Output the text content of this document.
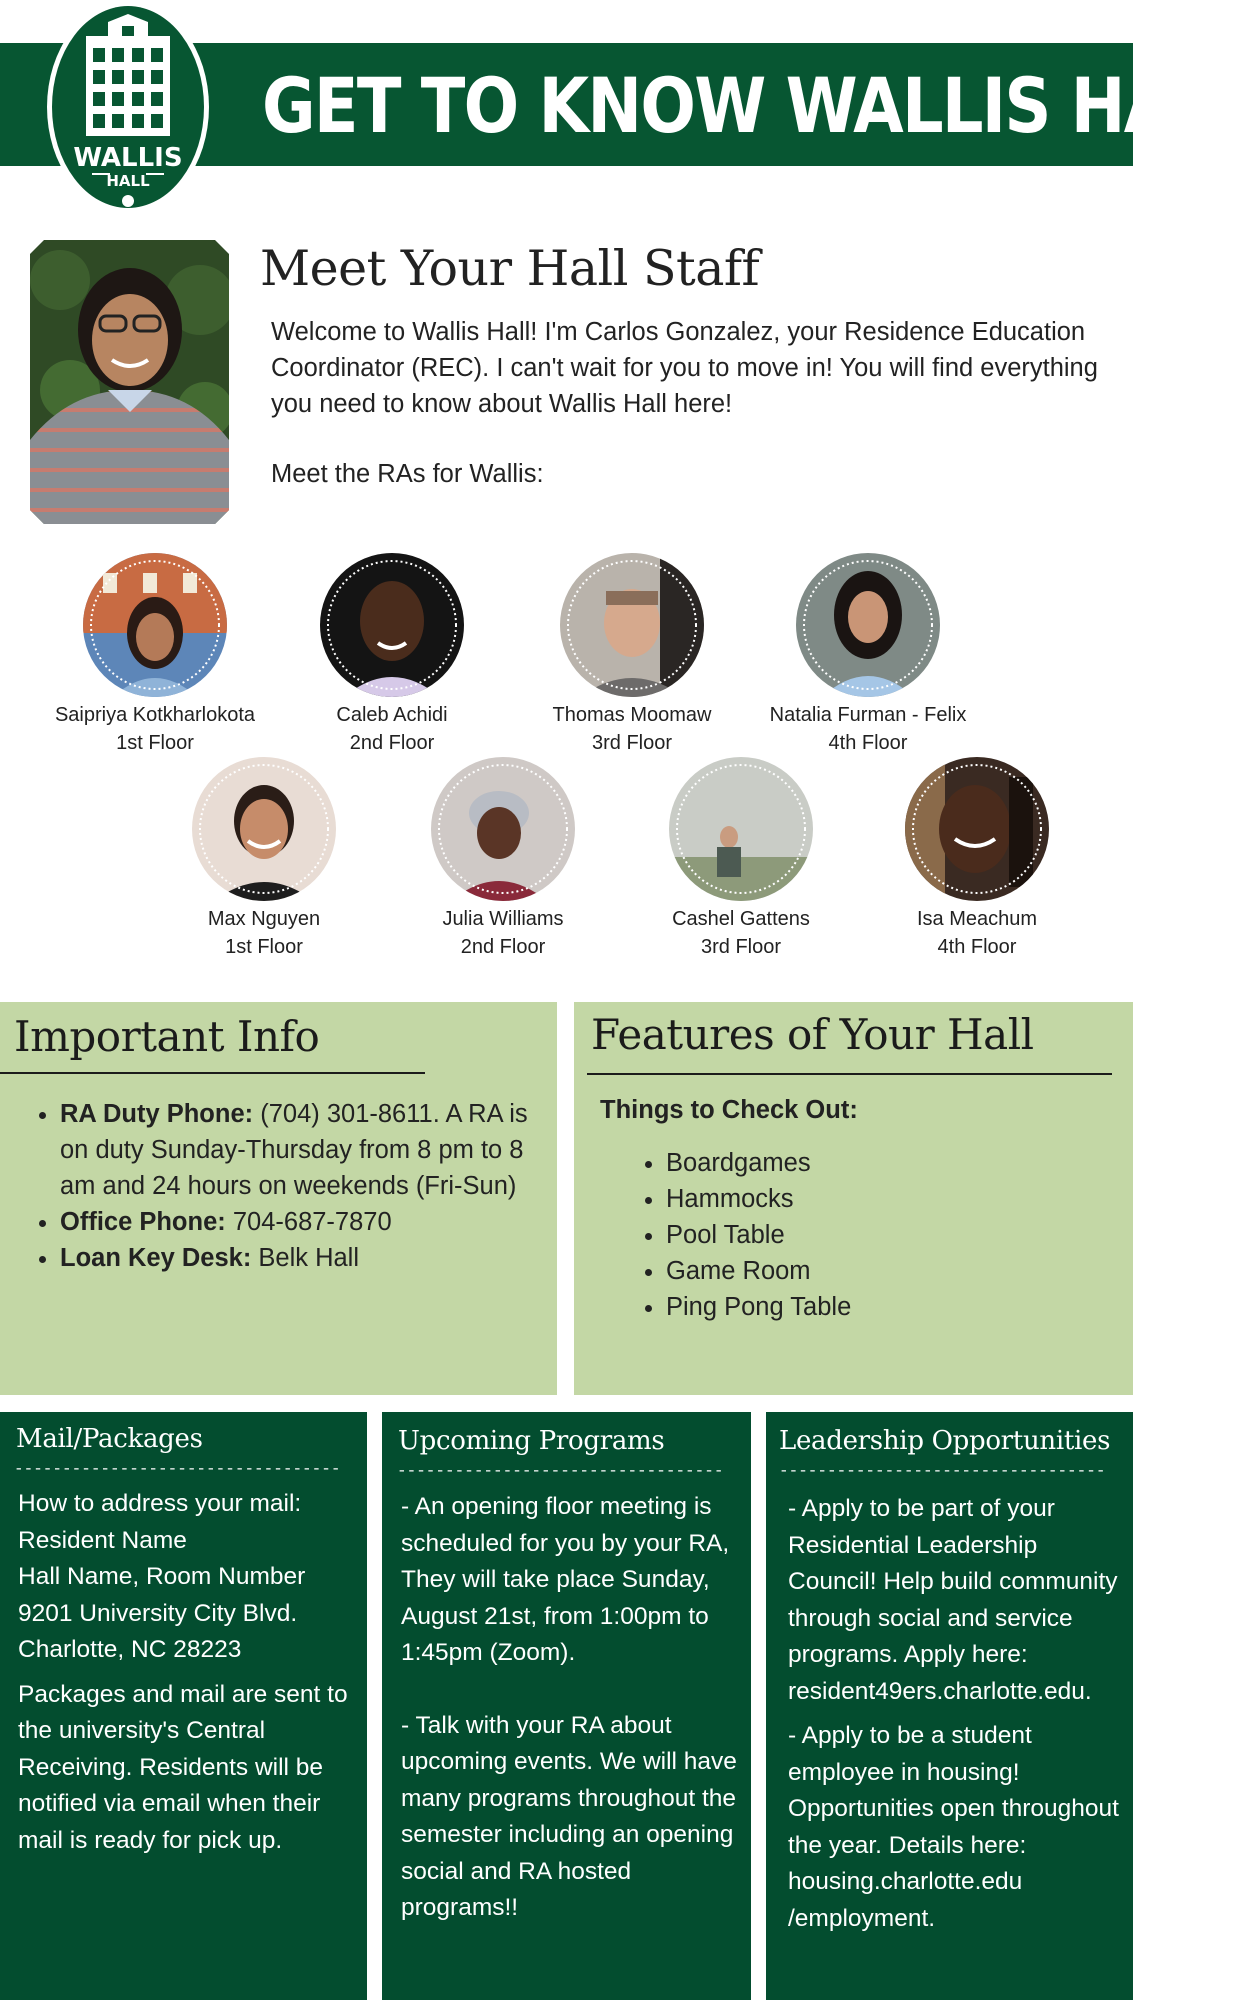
GET TO KNOW WALLIS HALL
WALLIS
HALL
Meet Your Hall Staff
Welcome to Wallis Hall! I'm Carlos Gonzalez, your Residence Education Coordinator (REC). I can't wait for you to move in! You will find everything you need to know about Wallis Hall here!
Meet the RAs for Wallis:
Saipriya Kotkharlokota
1st Floor
Caleb Achidi
2nd Floor
Thomas Moomaw
3rd Floor
Natalia Furman - Felix
4th Floor
Max Nguyen
1st Floor
Julia Williams
2nd Floor
Cashel Gattens
3rd Floor
Isa Meachum
4th Floor
Important Info
• RA Duty Phone: (704) 301-8611. A RA is on duty Sunday-Thursday from 8 pm to 8 am and 24 hours on weekends (Fri-Sun)
• Office Phone: 704-687-7870
• Loan Key Desk: Belk Hall
Features of Your Hall
Things to Check Out:
• Boardgames
• Hammocks
• Pool Table
• Game Room
• Ping Pong Table
Mail/Packages
----------------------------------

How to address your mail:

Resident Name

Hall Name, Room Number

9201 University City Blvd.

Charlotte, NC 28223

Packages and mail are sent to the university's Central Receiving. Residents will be notified via email when their mail is ready for pick up.

Upcoming Programs
----------------------------------

- An opening floor meeting is scheduled for you by your RA, They will take place Sunday, August 21st, from 1:00pm to 1:45pm (Zoom).

- Talk with your RA about upcoming events. We will have many programs throughout the semester including an opening social and RA hosted programs!!

Leadership Opportunities
----------------------------------

- Apply to be part of your Residential Leadership Council! Help build community through social and service programs. Apply here: resident49ers.charlotte.edu.

- Apply to be a student employee in housing! Opportunities open throughout the year. Details here: housing.charlotte.edu /employment.
